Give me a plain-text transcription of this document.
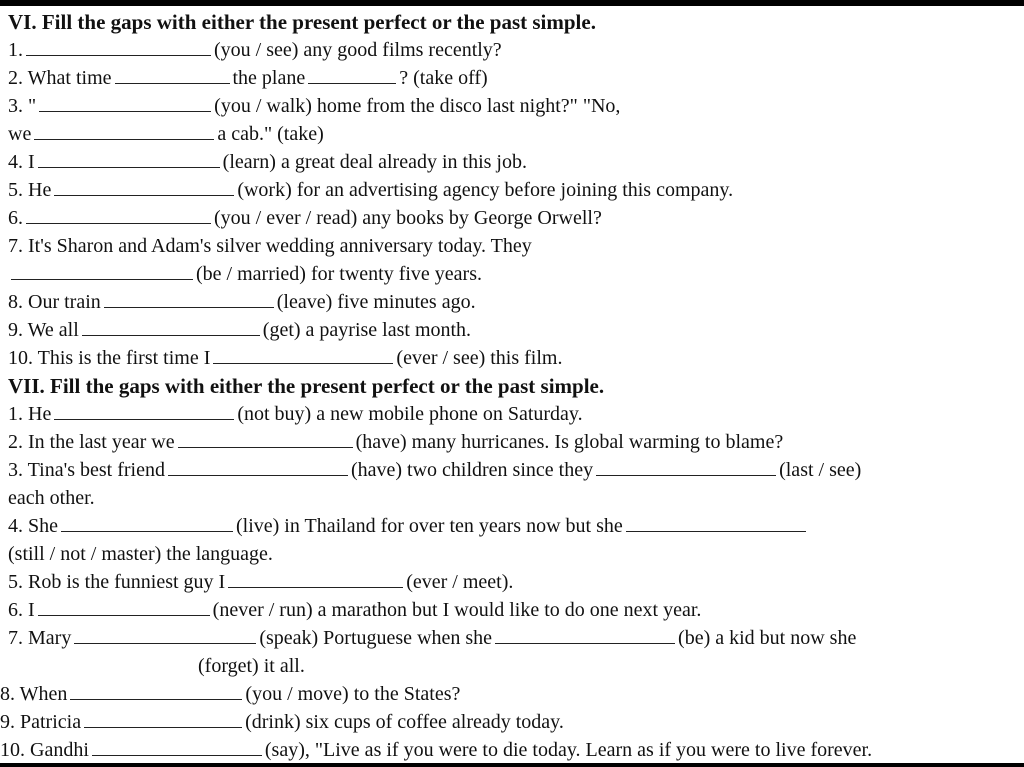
VI. Fill the gaps with either the present perfect or the past simple.
1.	(you / see) any good films recently?
2. What time	the plane	? (take off)
3. "	(you / walk) home from the disco last night?" "No,
we	a cab." (take)
4. I	(learn) a great deal already in this job.
5. He	(work) for an advertising agency before joining this company.
6.	(you / ever / read) any books by George Orwell?
7. It's Sharon and Adam's silver wedding anniversary today. They
(be / married) for twenty five years.
8. Our train	(leave) five minutes ago.
9. We all	(get) a payrise last month.
10. This is the first time I	(ever / see) this film.
VII. Fill the gaps with either the present perfect or the past simple.
1. He	(not buy) a new mobile phone on Saturday.
2. In the last year we	(have) many hurricanes. Is global warming to blame?
3. Tina's best friend	(have) two children since they	(last / see)
each other.
4. She	(live) in Thailand for over ten years now but she
(still / not / master) the language.
5. Rob is the funniest guy I	(ever / meet).
6. I	(never / run) a marathon but I would like to do one next year.
7. Mary	(speak) Portuguese when she	(be) a kid but now she
(forget) it all.
8. When	(you / move) to the States?
9. Patricia	(drink) six cups of coffee already today.
10. Gandhi	(say), "Live as if you were to die today. Learn as if you were to live forever.
